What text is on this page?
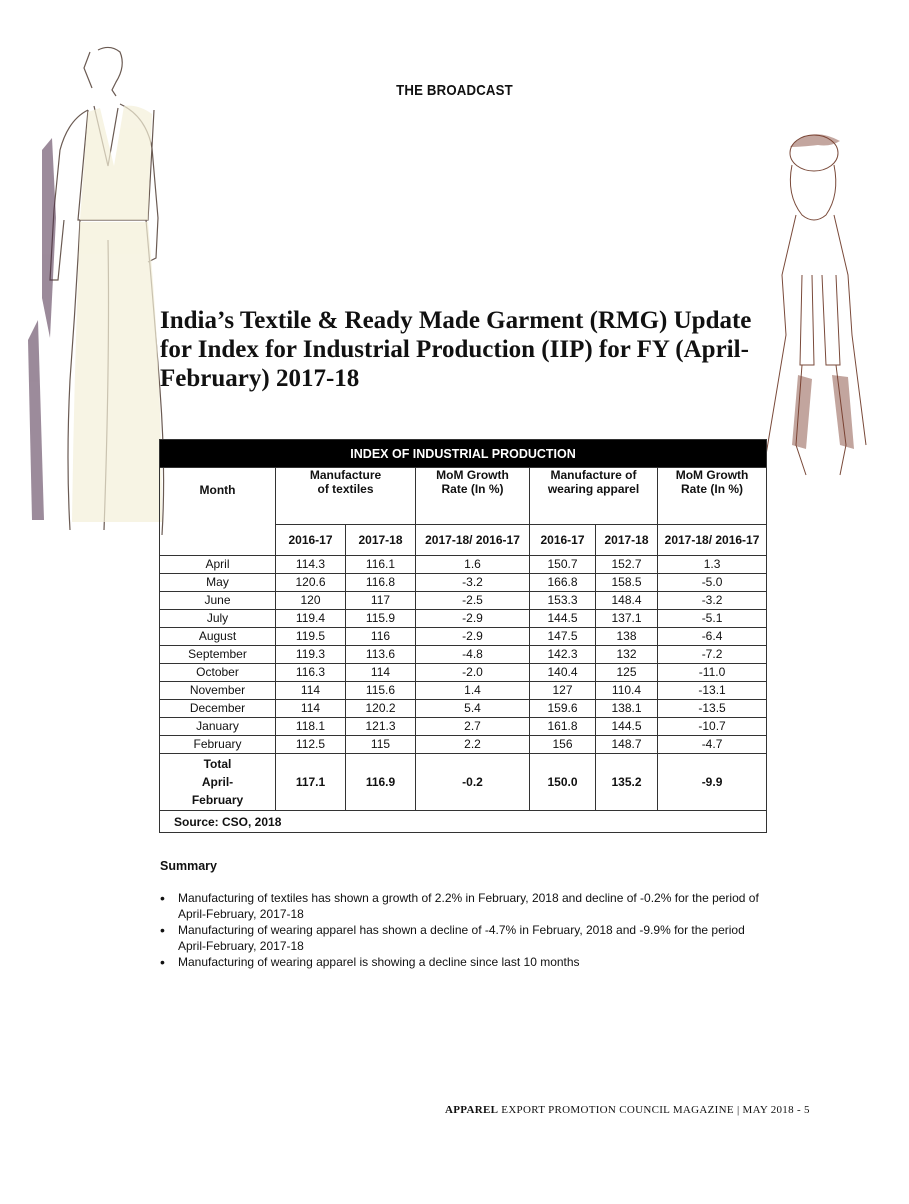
THE BROADCAST
India’s Textile & Ready Made Garment (RMG) Update for Index for Industrial Production (IIP) for FY (April-February) 2017-18
INDEX OF INDUSTRIAL PRODUCTION						
Month	Manufacture of textiles		MoM Growth Rate (In %)	Manufacture of wearing apparel		MoM Growth Rate (In %)
	2016-17	2017-18	2017-18/ 2016-17	2016-17	2017-18	2017-18/ 2016-17
April	114.3	116.1	1.6	150.7	152.7	1.3
May	120.6	116.8	-3.2	166.8	158.5	-5.0
June	120	117	-2.5	153.3	148.4	-3.2
July	119.4	115.9	-2.9	144.5	137.1	-5.1
August	119.5	116	-2.9	147.5	138	-6.4
September	119.3	113.6	-4.8	142.3	132	-7.2
October	116.3	114	-2.0	140.4	125	-11.0
November	114	115.6	1.4	127	110.4	-13.1
December	114	120.2	5.4	159.6	138.1	-13.5
January	118.1	121.3	2.7	161.8	144.5	-10.7
February	112.5	115	2.2	156	148.7	-4.7

Total
April-
February	117.1	116.9	-0.2	150.0	135.2	-9.9
Source: CSO, 2018						
Summary
• Manufacturing of textiles has shown a growth of 2.2% in February, 2018 and decline of -0.2% for the period of April-February, 2017-18
• Manufacturing of wearing apparel has shown a decline of -4.7% in February, 2018 and -9.9% for the period April-February, 2017-18
• Manufacturing of wearing apparel is showing a decline since last 10 months
APPAREL EXPORT PROMOTION COUNCIL MAGAZINE | MAY 2018 - 5
